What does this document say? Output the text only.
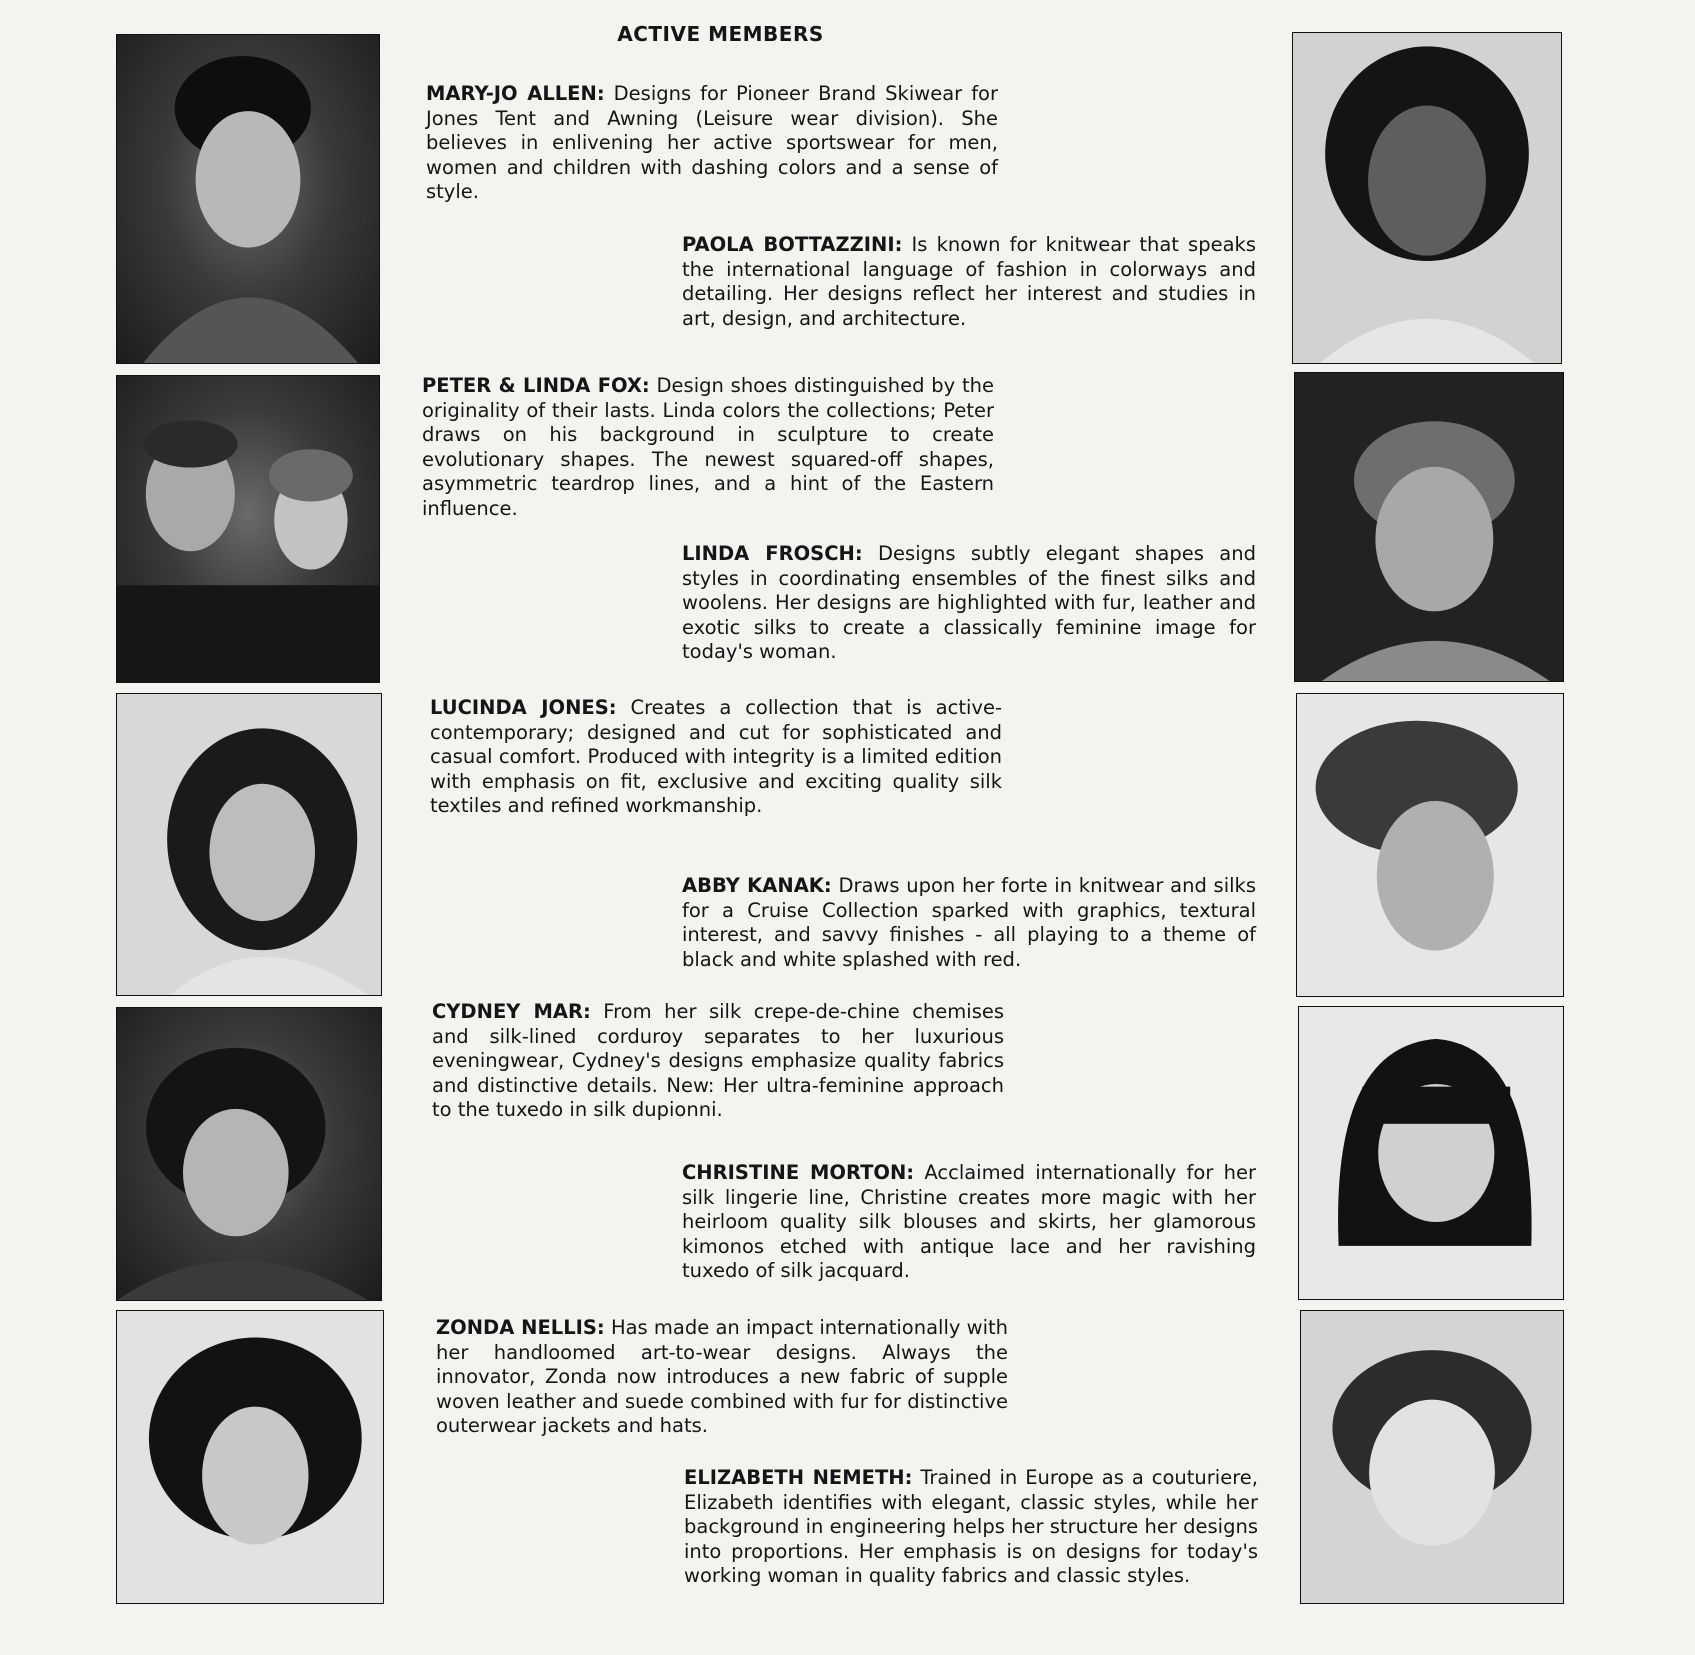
ACTIVE MEMBERS

MARY-JO ALLEN: Designs for Pioneer Brand Skiwear for Jones Tent and Awning (Leisure wear division). She believes in enlivening her active sportswear for men, women and children with dashing colors and a sense of style.

PAOLA BOTTAZZINI: Is known for knitwear that speaks the international language of fashion in colorways and detailing. Her designs reflect her interest and studies in art, design, and architecture.

PETER & LINDA FOX: Design shoes distinguished by the originality of their lasts. Linda colors the collections; Peter draws on his background in sculpture to create evolutionary shapes. The newest squared-off shapes, asymmetric teardrop lines, and a hint of the Eastern influence.

LINDA FROSCH: Designs subtly elegant shapes and styles in coordinating ensembles of the finest silks and woolens. Her designs are highlighted with fur, leather and exotic silks to create a classically feminine image for today's woman.

LUCINDA JONES: Creates a collection that is active-contemporary; designed and cut for sophisticated and casual comfort. Produced with integrity is a limited edition with emphasis on fit, exclusive and exciting quality silk textiles and refined workmanship.

ABBY KANAK: Draws upon her forte in knitwear and silks for a Cruise Collection sparked with graphics, textural interest, and savvy finishes - all playing to a theme of black and white splashed with red.

CYDNEY MAR: From her silk crepe-de-chine chemises and silk-lined corduroy separates to her luxurious eveningwear, Cydney's designs emphasize quality fabrics and distinctive details. New: Her ultra-feminine approach to the tuxedo in silk dupionni.

CHRISTINE MORTON: Acclaimed internationally for her silk lingerie line, Christine creates more magic with her heirloom quality silk blouses and skirts, her glamorous kimonos etched with antique lace and her ravishing tuxedo of silk jacquard.

ZONDA NELLIS: Has made an impact internationally with her handloomed art-to-wear designs. Always the innovator, Zonda now introduces a new fabric of supple woven leather and suede combined with fur for distinctive outerwear jackets and hats.

ELIZABETH NEMETH: Trained in Europe as a couturiere, Elizabeth identifies with elegant, classic styles, while her background in engineering helps her structure her designs into proportions. Her emphasis is on designs for today's working woman in quality fabrics and classic styles.
